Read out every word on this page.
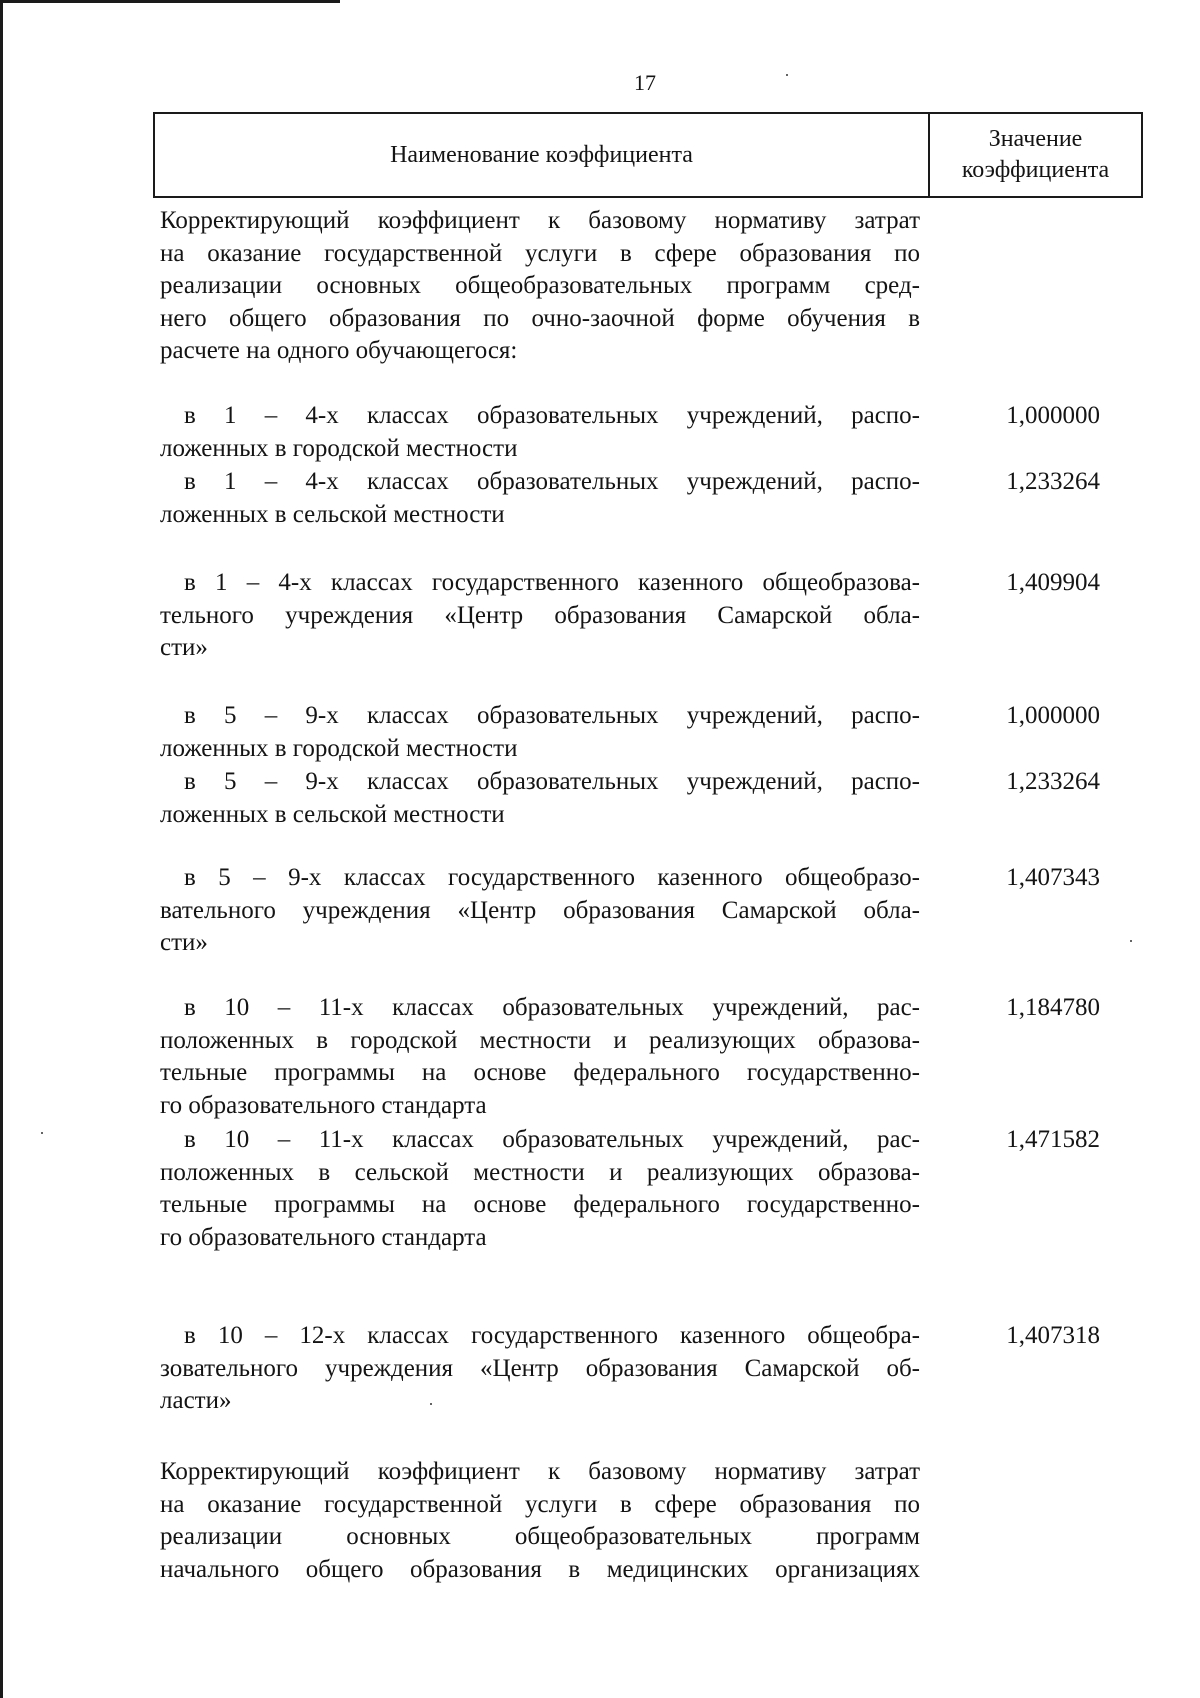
17
Наименование коэффициента
Значение
коэффициента
Корректирующий коэффициент к базовому нормативу затрат
на оказание государственной услуги в сфере образования по
реализации основных общеобразовательных программ сред-
него общего образования по очно-заочной форме обучения в
расчете на одного обучающегося:
в 1 – 4-х классах образовательных учреждений, распо-
ложенных в городской местности
1,000000
в 1 – 4-х классах образовательных учреждений, распо-
ложенных в сельской местности
1,233264
в 1 – 4-х классах государственного казенного общеобразова-
тельного учреждения «Центр образования Самарской обла-
сти»
1,409904
в 5 – 9-х классах образовательных учреждений, распо-
ложенных в городской местности
1,000000
в 5 – 9-х классах образовательных учреждений, распо-
ложенных в сельской местности
1,233264
в 5 – 9-х классах государственного казенного общеобразо-
вательного учреждения «Центр образования Самарской обла-
сти»
1,407343
в 10 – 11-х классах образовательных учреждений, рас-
положенных в городской местности и реализующих образова-
тельные программы на основе федерального государственно-
го образовательного стандарта
1,184780
в 10 – 11-х классах образовательных учреждений, рас-
положенных в сельской местности и реализующих образова-
тельные программы на основе федерального государственно-
го образовательного стандарта
1,471582
в 10 – 12-х классах государственного казенного общеобра-
зовательного учреждения «Центр образования Самарской об-
ласти»
1,407318
Корректирующий коэффициент к базовому нормативу затрат
на оказание государственной услуги в сфере образования по
реализации основных общеобразовательных программ
начального общего образования в медицинских организациях
